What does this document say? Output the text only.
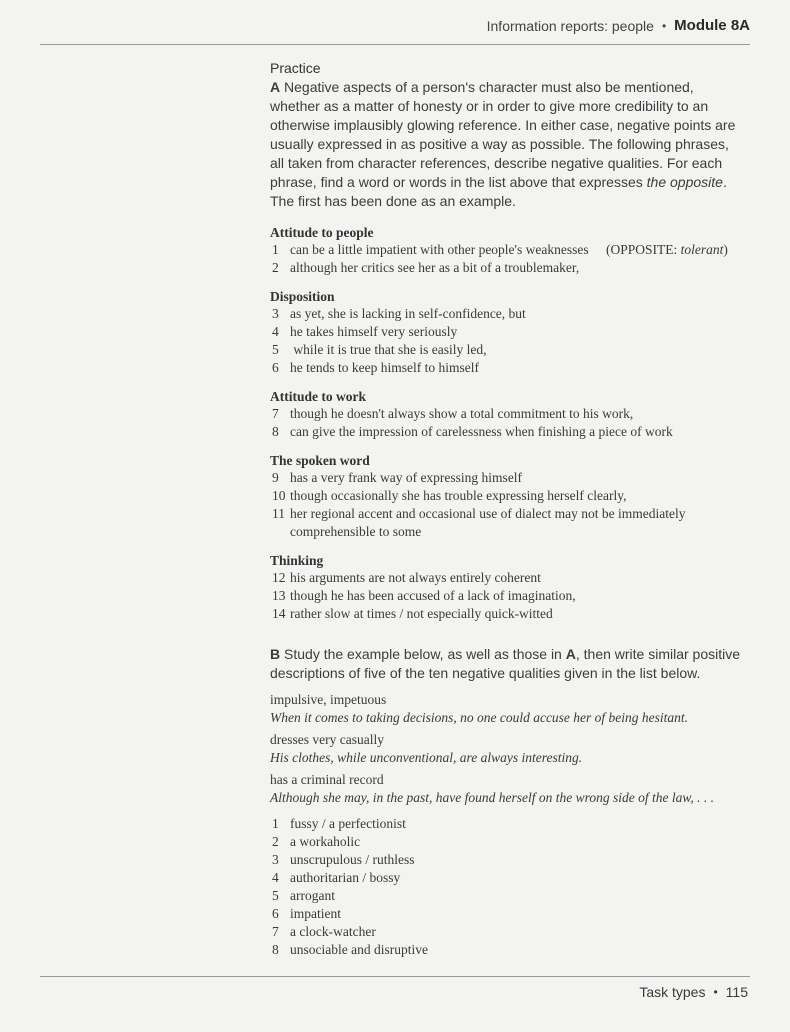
Information reports: people • Module 8A

Practice

A Negative aspects of a person's character must also be mentioned, whether as a matter of honesty or in order to give more credibility to an otherwise implausibly glowing reference. In either case, negative points are usually expressed in as positive a way as possible. The following phrases, all taken from character references, describe negative qualities. For each phrase, find a word or words in the list above that expresses the opposite. The first has been done as an example.

Attitude to people
1 can be a little impatient with other people's weaknesses (OPPOSITE: tolerant)
2 although her critics see her as a bit of a troublemaker,
Disposition
3 as yet, she is lacking in self-confidence, but
4 he takes himself very seriously
5 while it is true that she is easily led,
6 he tends to keep himself to himself
Attitude to work
7 though he doesn't always show a total commitment to his work,
8 can give the impression of carelessness when finishing a piece of work
The spoken word
9 has a very frank way of expressing himself
10 though occasionally she has trouble expressing herself clearly,
11 her regional accent and occasional use of dialect may not be immediately comprehensible to some
Thinking
12 his arguments are not always entirely coherent
13 though he has been accused of a lack of imagination,
14 rather slow at times / not especially quick-witted

B Study the example below, as well as those in A, then write similar positive descriptions of five of the ten negative qualities given in the list below.

impulsive, impetuous

When it comes to taking decisions, no one could accuse her of being hesitant.

dresses very casually

His clothes, while unconventional, are always interesting.

has a criminal record

Although she may, in the past, have found herself on the wrong side of the law, . . .

1 fussy / a perfectionist
2 a workaholic
3 unscrupulous / ruthless
4 authoritarian / bossy
5 arrogant
6 impatient
7 a clock-watcher
8 unsociable and disruptive
Task types • 115
